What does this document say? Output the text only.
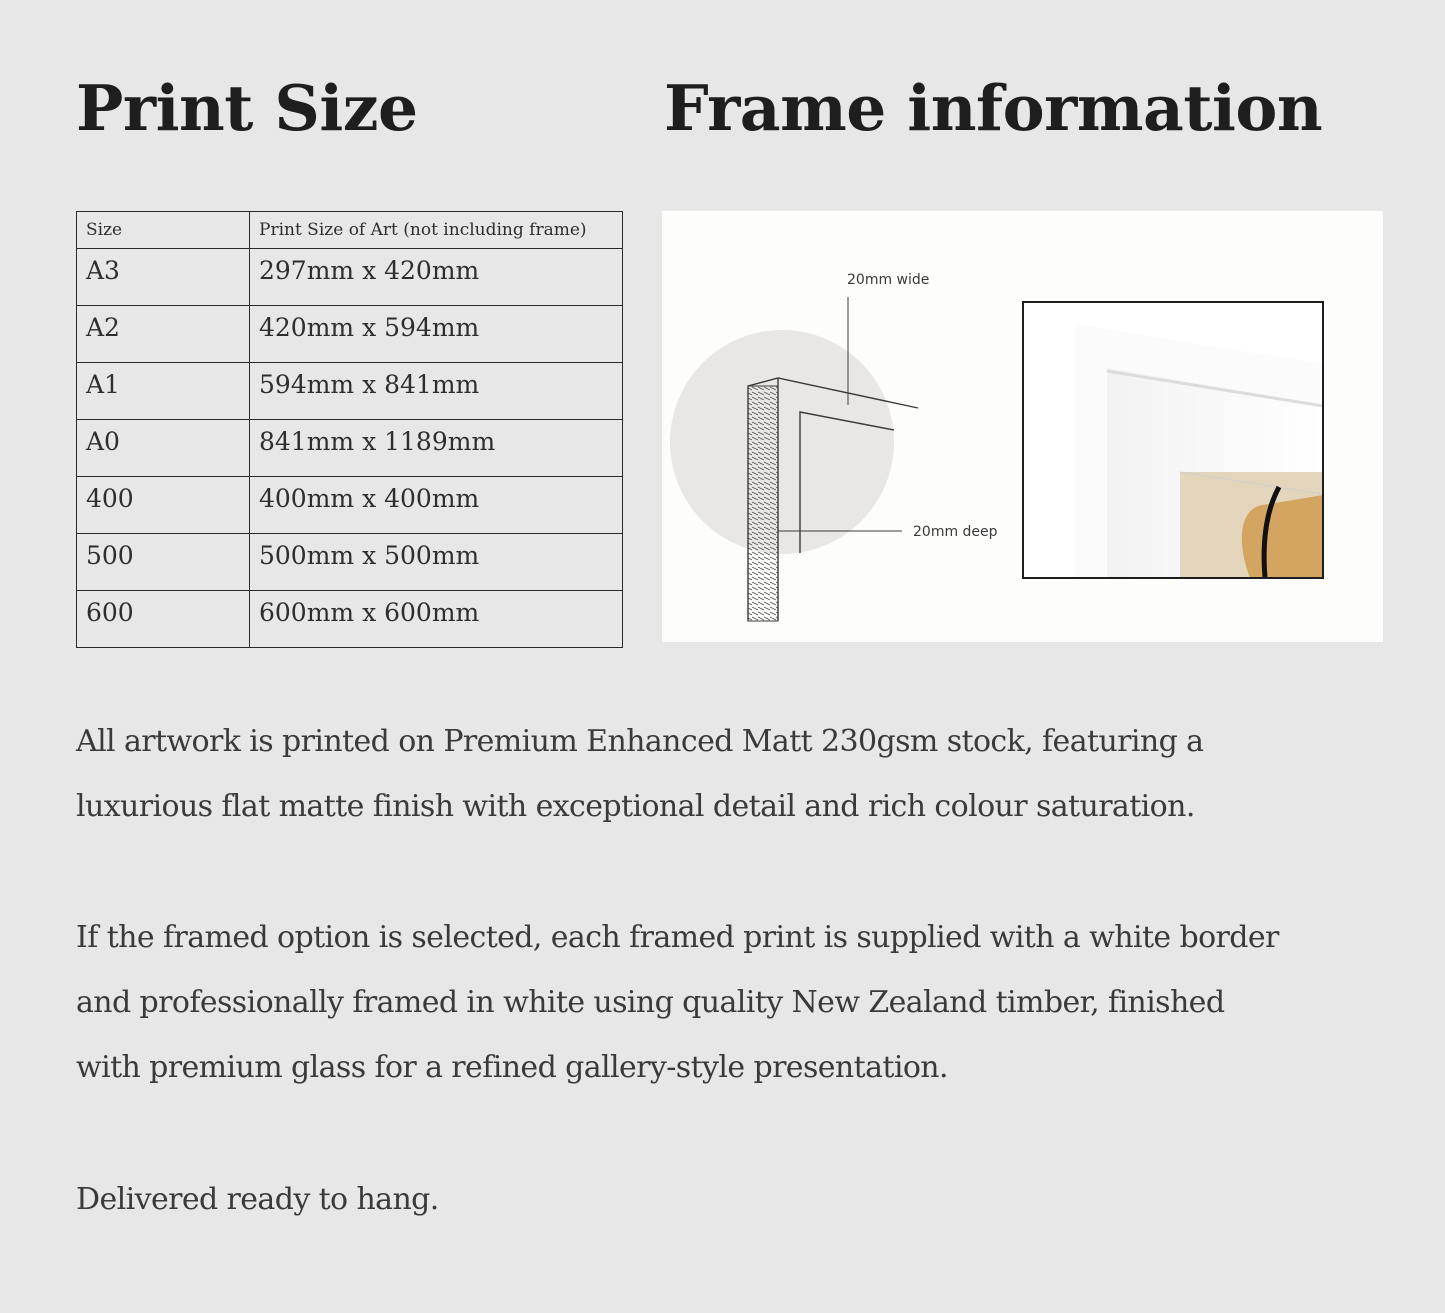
Print Size	Frame information
Size	Print Size of Art (not including frame)
A3	297mm x 420mm
A2	420mm x 594mm
A1	594mm x 841mm
A0	841mm x 1189mm
400	400mm x 400mm
500	500mm x 500mm
600	600mm x 600mm
20mm wide
20mm deep

All artwork is printed on Premium Enhanced Matt 230gsm stock, featuring a
luxurious flat matte finish with exceptional detail and rich colour saturation.

If the framed option is selected, each framed print is supplied with a white border
and professionally framed in white using quality New Zealand timber, finished
with premium glass for a refined gallery-style presentation.

Delivered ready to hang.
